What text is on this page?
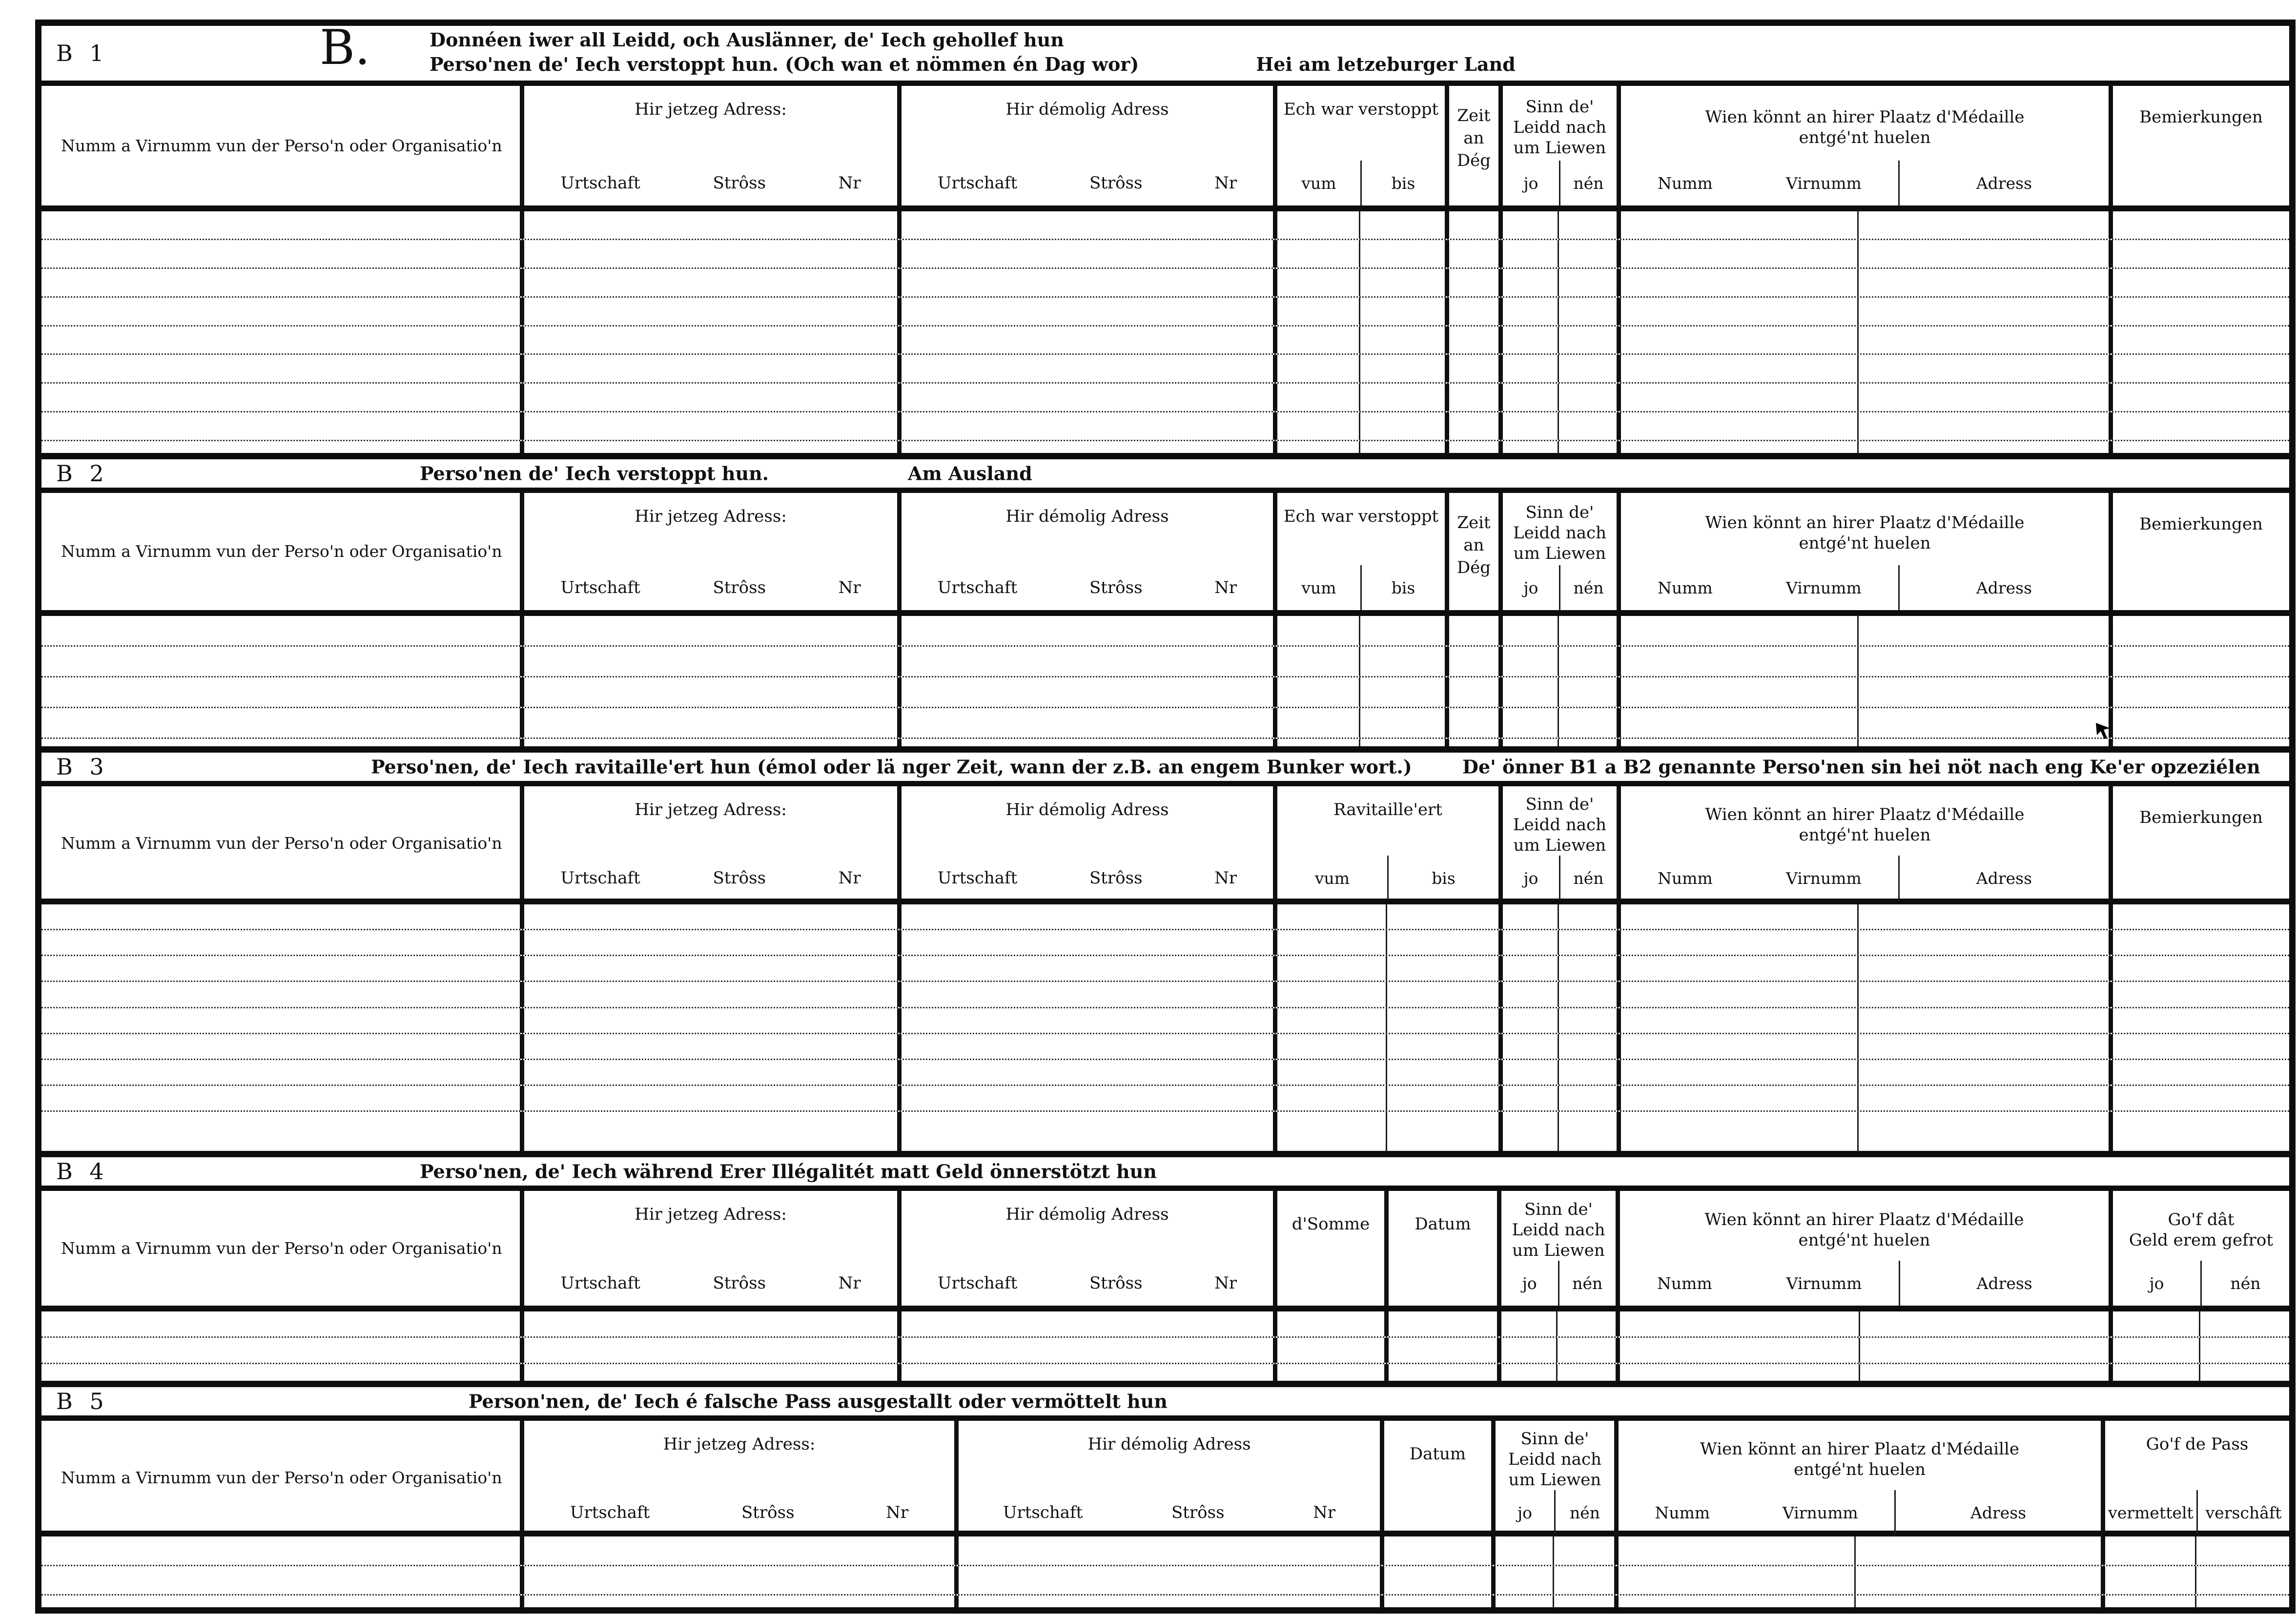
B 1	B.	Donnéen iwer all Leidd, och Auslänner, de' Iech gehollef hun
Perso'nen de' Iech verstoppt hun. (Och wan et nömmen én Dag wor)	Hei am letzeburger Land
Numm a Virnumm vun der Perso'n oder Organisatio'n
Hir jetzeg Adress:
Urtschaft	Strôss	Nr
Hir démolig Adress
Urtschaft	Strôss	Nr
Ech war verstoppt
vum	bis
Zeit
an
Dég
Sinn de'
Leidd nach
um Liewen
jo	nén
Wien könnt an hirer Plaatz d'Médaille
entgé'nt huelen
Numm	Virnumm	Adress
Bemierkungen
B 2	Perso'nen de' Iech verstoppt hun.	Am Ausland
Numm a Virnumm vun der Perso'n oder Organisatio'n
Hir jetzeg Adress:
Urtschaft	Strôss	Nr
Hir démolig Adress
Urtschaft	Strôss	Nr
Ech war verstoppt
vum	bis
Zeit
an
Dég
Sinn de'
Leidd nach
um Liewen
jo	nén
Wien könnt an hirer Plaatz d'Médaille
entgé'nt huelen
Numm	Virnumm	Adress
Bemierkungen
B 3	Perso'nen, de' Iech ravitaille'ert hun (émol oder lä nger Zeit, wann der z.B. an engem Bunker wort.)	De' önner B1 a B2 genannte Perso'nen sin hei nöt nach eng Ke'er opzeziélen
Numm a Virnumm vun der Perso'n oder Organisatio'n
Hir jetzeg Adress:
Urtschaft	Strôss	Nr
Hir démolig Adress
Urtschaft	Strôss	Nr
Ravitaille'ert
vum	bis
Sinn de'
Leidd nach
um Liewen
jo	nén
Wien könnt an hirer Plaatz d'Médaille
entgé'nt huelen
Numm	Virnumm	Adress
Bemierkungen
B 4	Perso'nen, de' Iech während Erer Illégalitét matt Geld önnerstötzt hun
Numm a Virnumm vun der Perso'n oder Organisatio'n
Hir jetzeg Adress:
Urtschaft	Strôss	Nr
Hir démolig Adress
Urtschaft	Strôss	Nr
d'Somme	Datum
Sinn de'
Leidd nach
um Liewen
jo	nén
Wien könnt an hirer Plaatz d'Médaille
entgé'nt huelen
Numm	Virnumm	Adress
Go'f dât
Geld erem gefrot
jo	nén
B 5	Person'nen, de' Iech é falsche Pass ausgestallt oder vermöttelt hun
Numm a Virnumm vun der Perso'n oder Organisatio'n
Hir jetzeg Adress:
Urtschaft	Strôss	Nr
Hir démolig Adress
Urtschaft	Strôss	Nr
Datum
Sinn de'
Leidd nach
um Liewen
jo	nén
Wien könnt an hirer Plaatz d'Médaille
entgé'nt huelen
Numm	Virnumm	Adress
Go'f de Pass
vermettelt verschâft
